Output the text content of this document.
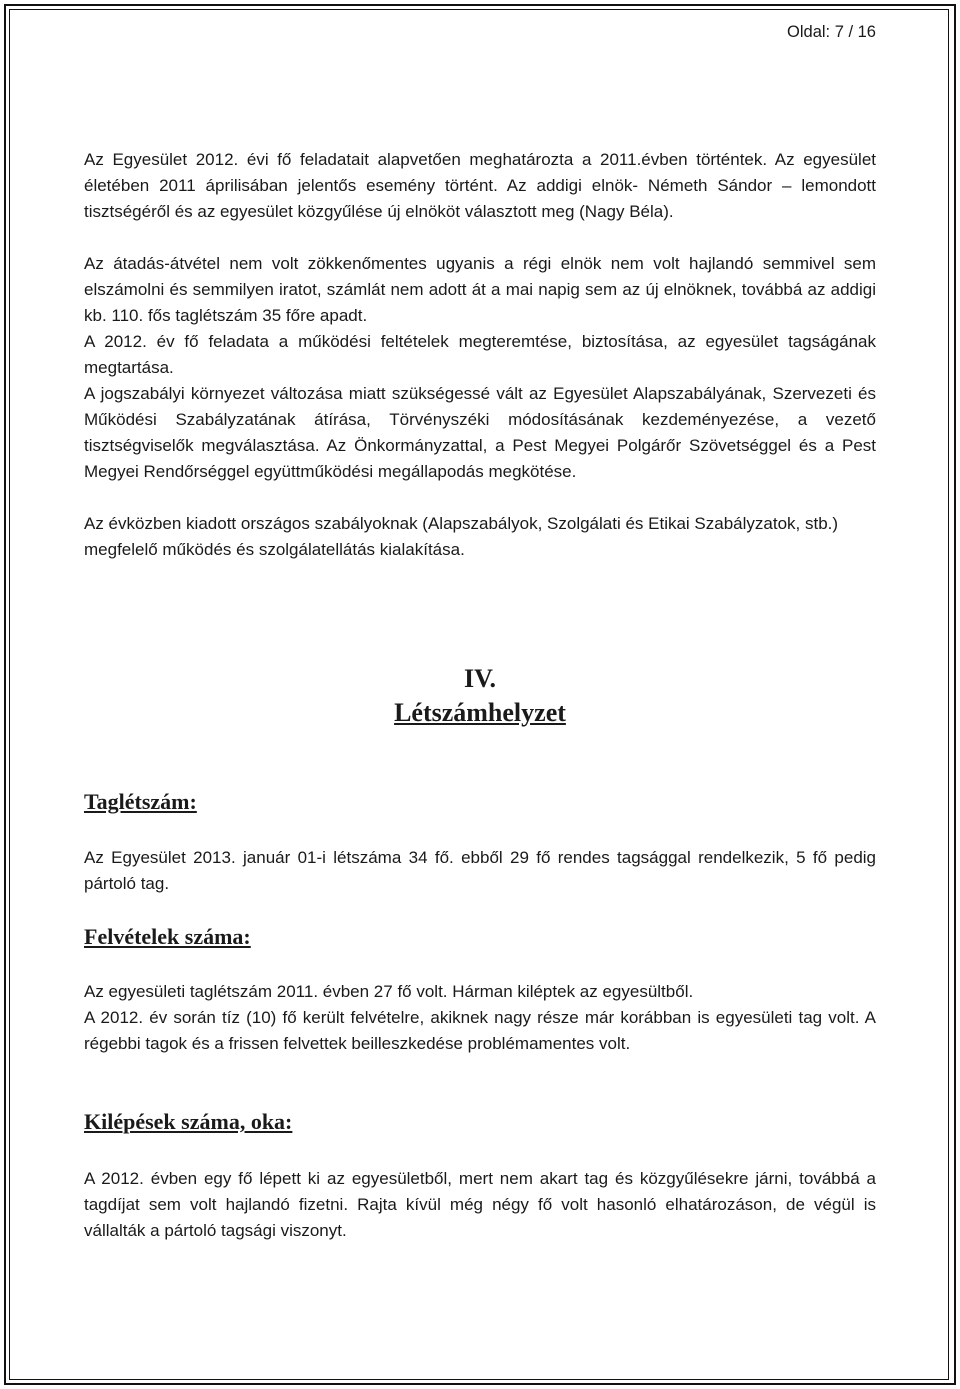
Oldal: 7 / 16

Az Egyesület 2012. évi fő feladatait alapvetően meghatározta a 2011.évben történtek. Az egyesület életében 2011 áprilisában jelentős esemény történt. Az addigi elnök- Németh Sándor – lemondott tisztségéről és az egyesület közgyűlése új elnököt választott meg (Nagy Béla).

Az átadás-átvétel nem volt zökkenőmentes ugyanis a régi elnök nem volt hajlandó semmivel sem elszámolni és semmilyen iratot, számlát nem adott át a mai napig sem az új elnöknek, továbbá az addigi kb. 110. fős taglétszám 35 főre apadt.

A 2012. év fő feladata a működési feltételek megteremtése, biztosítása, az egyesület tagságának megtartása.

A jogszabályi környezet változása miatt szükségessé vált az Egyesület Alapszabályának, Szervezeti és Működési Szabályzatának átírása, Törvényszéki módosításának kezdeményezése, a vezető tisztségviselők megválasztása. Az Önkormányzattal, a Pest Megyei Polgárőr Szövetséggel és a Pest Megyei Rendőrséggel együttműködési megállapodás megkötése.

Az évközben kiadott országos szabályoknak (Alapszabályok, Szolgálati és Etikai Szabályzatok, stb.) megfelelő működés és szolgálatellátás kialakítása.

IV.
Létszámhelyzet
Taglétszám:

Az Egyesület 2013. január 01-i létszáma 34 fő. ebből 29 fő rendes tagsággal rendelkezik, 5 fő pedig pártoló tag.

Felvételek száma:

Az egyesületi taglétszám 2011. évben 27 fő volt. Hárman kiléptek az egyesültből.

A 2012. év során tíz (10) fő került felvételre, akiknek nagy része már korábban is egyesületi tag volt. A régebbi tagok és a frissen felvettek beilleszkedése problémamentes volt.

Kilépések száma, oka:

A 2012. évben egy fő lépett ki az egyesületből, mert nem akart tag és közgyűlésekre járni, továbbá a tagdíjat sem volt hajlandó fizetni. Rajta kívül még négy fő volt hasonló elhatározáson, de végül is vállalták a pártoló tagsági viszonyt.
